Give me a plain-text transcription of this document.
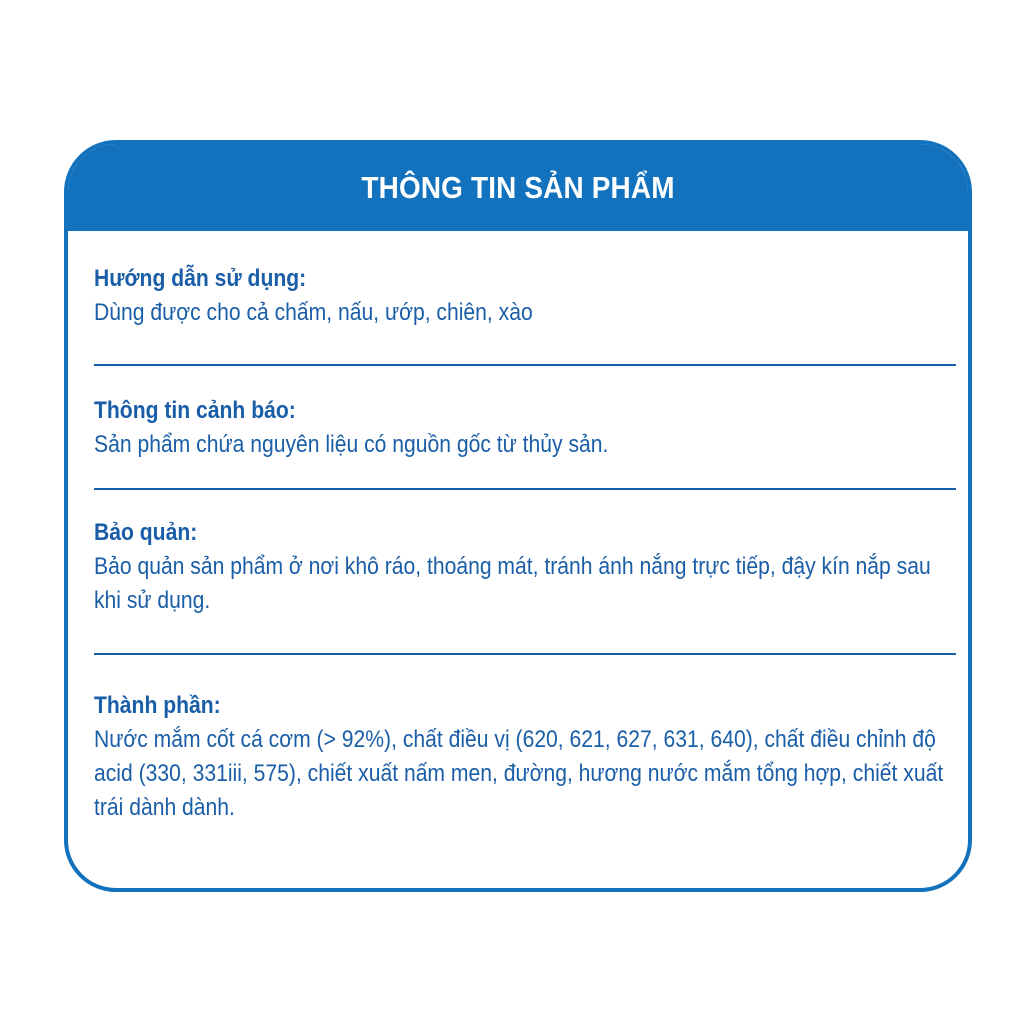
THÔNG TIN SẢN PHẨM
Hướng dẫn sử dụng:
Dùng được cho cả chấm, nấu, ướp, chiên, xào
Thông tin cảnh báo:
Sản phẩm chứa nguyên liệu có nguồn gốc từ thủy sản.
Bảo quản:
Bảo quản sản phẩm ở nơi khô ráo, thoáng mát, tránh ánh nắng trực tiếp, đậy kín nắp sau khi sử dụng.
Thành phần:
Nước mắm cốt cá cơm (> 92%), chất điều vị (620, 621, 627, 631, 640), chất điều chỉnh độ acid (330, 331iii, 575), chiết xuất nấm men, đường, hương nước mắm tổng hợp, chiết xuất trái dành dành.
